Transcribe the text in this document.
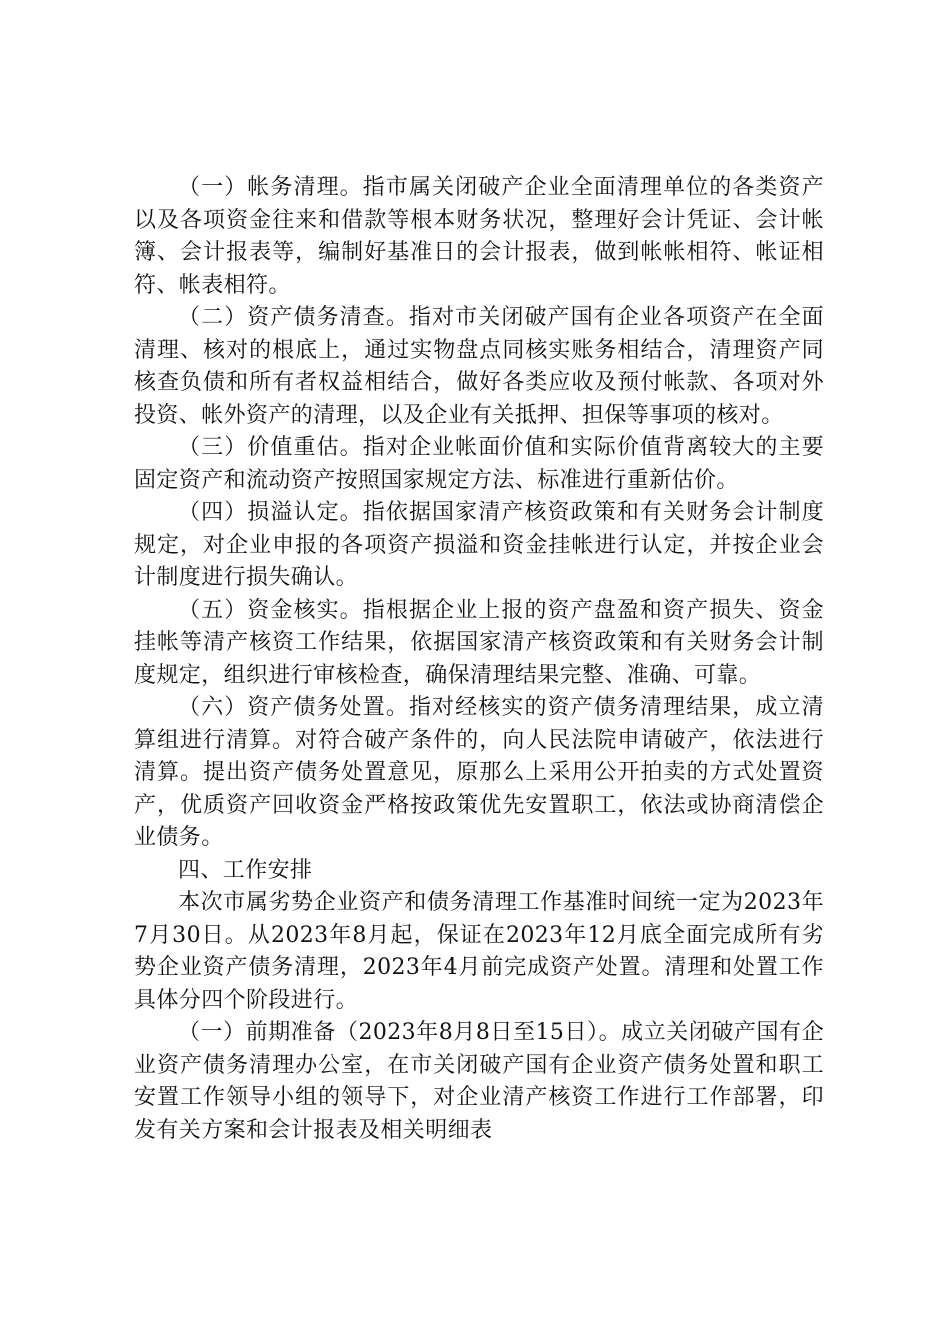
（一）帐务清理。指市属关闭破产企业全面清理单位的各类资产以及各项资金往来和借款等根本财务状况，整理好会计凭证、会计帐簿、会计报表等，编制好基准日的会计报表，做到帐帐相符、帐证相符、帐表相符。

（二）资产债务清查。指对市关闭破产国有企业各项资产在全面清理、核对的根底上，通过实物盘点同核实账务相结合，清理资产同核查负债和所有者权益相结合，做好各类应收及预付帐款、各项对外投资、帐外资产的清理，以及企业有关抵押、担保等事项的核对。

（三）价值重估。指对企业帐面价值和实际价值背离较大的主要固定资产和流动资产按照国家规定方法、标准进行重新估价。

（四）损溢认定。指依据国家清产核资政策和有关财务会计制度规定，对企业申报的各项资产损溢和资金挂帐进行认定，并按企业会计制度进行损失确认。

（五）资金核实。指根据企业上报的资产盘盈和资产损失、资金挂帐等清产核资工作结果，依据国家清产核资政策和有关财务会计制度规定，组织进行审核检查，确保清理结果完整、准确、可靠。

（六）资产债务处置。指对经核实的资产债务清理结果，成立清算组进行清算。对符合破产条件的，向人民法院申请破产，依法进行清算。提出资产债务处置意见，原那么上采用公开拍卖的方式处置资产，优质资产回收资金严格按政策优先安置职工，依法或协商清偿企业债务。

四、工作安排

本次市属劣势企业资产和债务清理工作基准时间统一定为2023年7月30日。从2023年8月起，保证在2023年12月底全面完成所有劣势企业资产债务清理，2023年4月前完成资产处置。清理和处置工作具体分四个阶段进行。

（一）前期准备（2023年8月8日至15日）。成立关闭破产国有企业资产债务清理办公室，在市关闭破产国有企业资产债务处置和职工安置工作领导小组的领导下，对企业清产核资工作进行工作部署，印发有关方案和会计报表及相关明细表
